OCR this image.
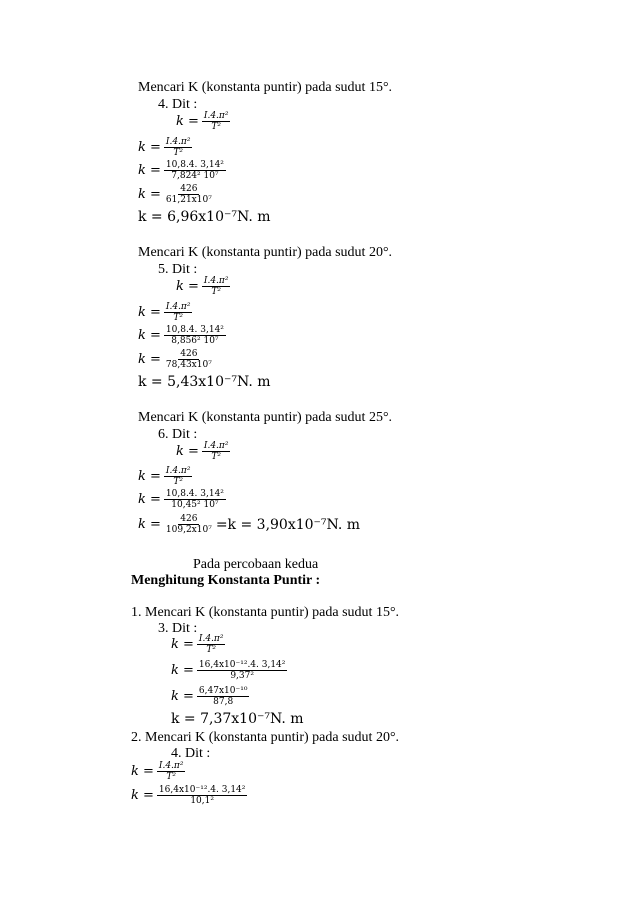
Mencari K (konstanta puntir) pada sudut 15°.
4. Dit :
$k = \frac{\text{I.4.π²}}{\text{T²}}$
$k = \frac{\text{I.4.π²}}{\text{T²}}$
$k = \frac{\text{10,8.4. 3,14²}}{\text{7,824² 10⁷}}$
$k = \frac{426}{\text{61,21x10⁷}}$
k = 6,96x10⁻⁷N. m
Mencari K (konstanta puntir) pada sudut 20°.
5. Dit :
$k = \frac{\text{I.4.π²}}{\text{T²}}$
$k = \frac{\text{I.4.π²}}{\text{T²}}$
$k = \frac{\text{10,8.4. 3,14²}}{\text{8,856² 10⁷}}$
$k = \frac{426}{\text{78,43x10⁷}}$
k = 5,43x10⁻⁷N. m
Mencari K (konstanta puntir) pada sudut 25°.
6. Dit :
$k = \frac{\text{I.4.π²}}{\text{T²}}$
$k = \frac{\text{I.4.π²}}{\text{T²}}$
$k = \frac{\text{10,8.4. 3,14²}}{\text{10,45² 10⁷}}$
$k = \frac{426}{\text{109,2x10⁷}} =k = 3,90x10^{-7}N$. m
Pada percobaan kedua
Menghitung Konstanta Puntir :
1. Mencari K (konstanta puntir) pada sudut 15°.
3. Dit :
$k = \frac{\text{I.4.π²}}{\text{T²}}$
$k = \frac{\text{16,4x10⁻¹².4. 3,14²}}{\text{9,37²}}$
$k = \frac{\text{6,47x10⁻¹⁰}}{87,8}$
k = 7,37x10⁻⁷N. m
2. Mencari K (konstanta puntir) pada sudut 20°.
4. Dit :
$k = \frac{\text{I.4.π²}}{\text{T²}}$
$k = \frac{\text{16,4x10⁻¹².4. 3,14²}}{\text{10,1²}}$
